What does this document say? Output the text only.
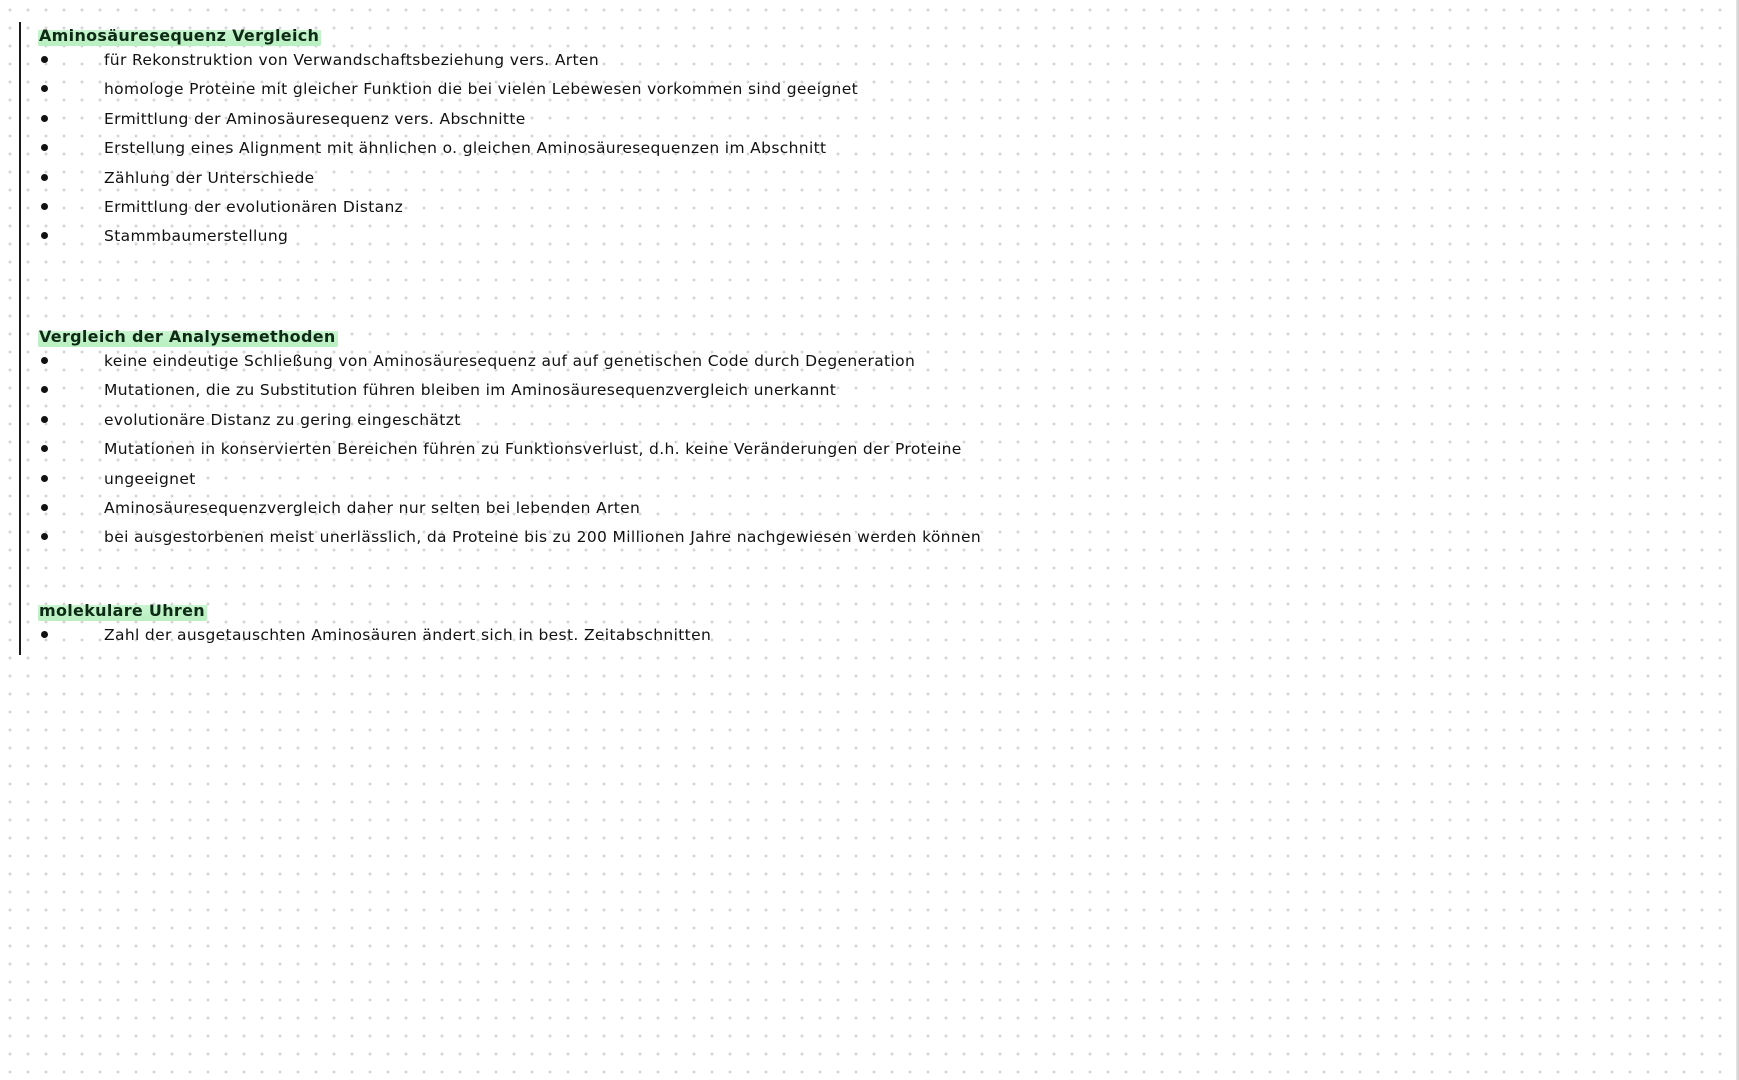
Aminosäuresequenz Vergleich
für Rekonstruktion von Verwandschaftsbeziehung vers. Arten
homologe Proteine mit gleicher Funktion die bei vielen Lebewesen vorkommen sind geeignet
Ermittlung der Aminosäuresequenz vers. Abschnitte
Erstellung eines Alignment mit ähnlichen o. gleichen Aminosäuresequenzen im Abschnitt
Zählung der Unterschiede
Ermittlung der evolutionären Distanz
Stammbaumerstellung
Vergleich der Analysemethoden
keine eindeutige Schließung von Aminosäuresequenz auf auf genetischen Code durch Degeneration
Mutationen, die zu Substitution führen bleiben im Aminosäuresequenzvergleich unerkannt
evolutionäre Distanz zu gering eingeschätzt
Mutationen in konservierten Bereichen führen zu Funktionsverlust, d.h. keine Veränderungen der Proteine
ungeeignet
Aminosäuresequenzvergleich daher nur selten bei lebenden Arten
bei ausgestorbenen meist unerlässlich, da Proteine bis zu 200 Millionen Jahre nachgewiesen werden können
molekulare Uhren
Zahl der ausgetauschten Aminosäuren ändert sich in best. Zeitabschnitten
